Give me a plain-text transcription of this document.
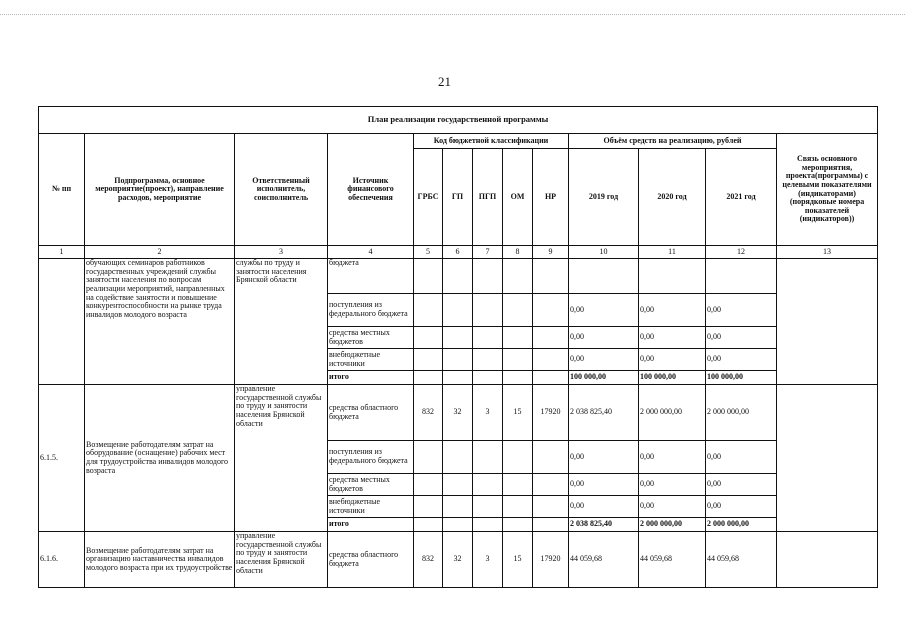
21
План реализации государственной программы												
№ пп	Подпрограмма, основное мероприятие(проект), направление расходов, мероприятие	Ответственный исполнитель, соисполнитель	Источник финансового обеспечения	Код бюджетной классификации					Объём средств на реализацию, рублей			Связь основного мероприятия, проекта(программы) с целевыми показателями (индикаторами) (порядковые номера показателей (индикаторов))
				ГРБС	ГП	ПГП	ОМ	НР	2019 год	2020 год	2021 год	
1	2	3	4	5	6	7	8	9	10	11	12	13
	обучающих семинаров работников государственных учреждений службы занятости населения по вопросам реализации мероприятий, направленных на содействие занятости и повышение конкурентоспособности на рынке труда инвалидов молодого возраста	службы по труду и занятости населения Брянской области	бюджета									
			поступления из федерального бюджета						0,00	0,00	0,00	
			средства местных бюджетов						0,00	0,00	0,00	
			внебюджетные источники						0,00	0,00	0,00	
			итого						100 000,00	100 000,00	100 000,00	
6.1.5.	Возмещение работодателям затрат на оборудование (оснащение) рабочих мест для трудоустройства инвалидов молодого возраста	управление государственной службы по труду и занятости населения Брянской области	средства областного бюджета	832	32	3	15	17920	2 038 825,40	2 000 000,00	2 000 000,00	
			поступления из федерального бюджета						0,00	0,00	0,00	
			средства местных бюджетов						0,00	0,00	0,00	
			внебюджетные источники						0,00	0,00	0,00	
			итого						2 038 825,40	2 000 000,00	2 000 000,00	
6.1.6.	Возмещение работодателям затрат на организацию наставничества инвалидов молодого возраста при их трудоустройстве	управление государственной службы по труду и занятости населения Брянской области	средства областного бюджета	832	32	3	15	17920	44 059,68	44 059,68	44 059,68	
